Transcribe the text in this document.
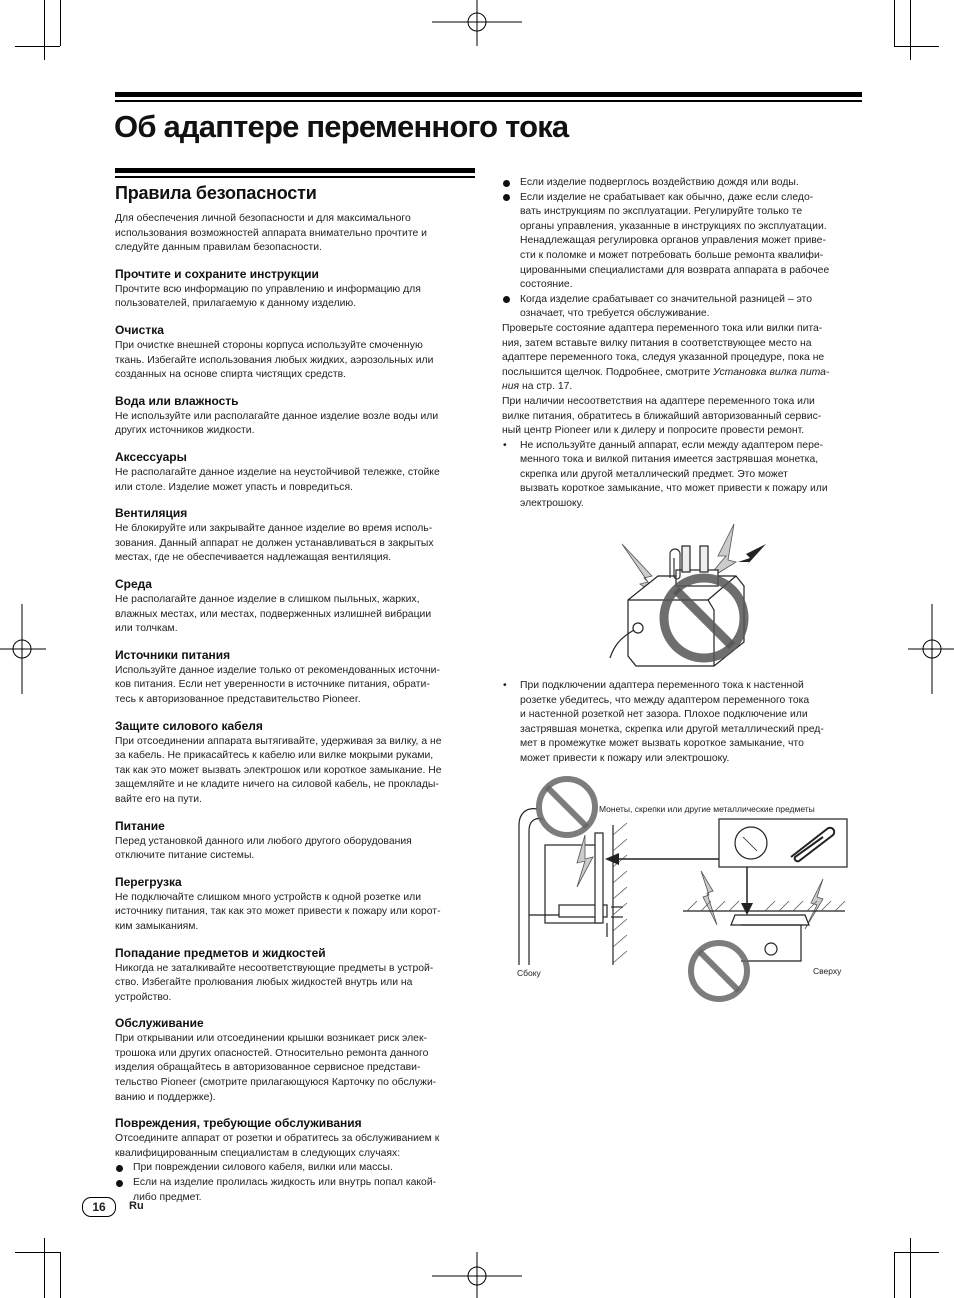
Об адаптере переменного тока
Правила безопасности

Для обеспечения личной безопасности и для максимального
использования возможностей аппарата внимательно прочтите и
следуйте данным правилам безопасности.

Прочтите и сохраните инструкции

Прочтите всю информацию по управлению и информацию для
пользователей, прилагаемую к данному изделию.

Очистка

При очистке внешней стороны корпуса используйте смоченную
ткань. Избегайте использования любых жидких, аэрозольных или
созданных на основе спирта чистящих средств.

Вода или влажность

Не используйте или располагайте данное изделие возле воды или
других источников жидкости.

Аксессуары

Не располагайте данное изделие на неустойчивой тележке, стойке
или столе. Изделие может упасть и повредиться.

Вентиляция

Не блокируйте или закрывайте данное изделие во время исполь-
зования. Данный аппарат не должен устанавливаться в закрытых
местах, где не обеспечивается надлежащая вентиляция.

Среда

Не располагайте данное изделие в слишком пыльных, жарких,
влажных местах, или местах, подверженных излишней вибрации
или толчкам.

Источники питания

Используйте данное изделие только от рекомендованных источни-
ков питания. Если нет уверенности в источнике питания, обрати-
тесь к авторизованное представительство Pioneer.

Защите силового кабеля

При отсоединении аппарата вытягивайте, удерживая за вилку, а не
за кабель. Не прикасайтесь к кабелю или вилке мокрыми руками,
так как это может вызвать электрошок или короткое замыкание. Не
защемляйте и не кладите ничего на силовой кабель, не проклады-
вайте его на пути.

Питание

Перед установкой данного или любого другого оборудования
отключите питание системы.

Перегрузка

Не подключайте слишком много устройств к одной розетке или
источнику питания, так как это может привести к пожару или корот-
ким замыканиям.

Попадание предметов и жидкостей

Никогда не заталкивайте несоответствующие предметы в устрой-
ство. Избегайте пролювания любых жидкостей внутрь или на
устройство.

Обслуживание

При открывании или отсоединении крышки возникает риск элек-
трошока или других опасностей. Относительно ремонта данного
изделия обращайтесь в авторизованное сервисное представи-
тельство Pioneer (смотрите прилагающуюся Карточку по обслужи-
ванию и поддержке).

Повреждения, требующие обслуживания

Отсоедините аппарат от розетки и обратитесь за обслуживанием к
квалифицированным специалистам в следующих случаях:

При повреждении силового кабеля, вилки или массы.
Если на изделие пролилась жидкость или внутрь попал какой-
либо предмет.
Если изделие подверглось воздействию дождя или воды.
Если изделие не срабатывает как обычно, даже если следо-
вать инструкциям по эксплуатации. Регулируйте только те
органы управления, указанные в инструкциях по эксплуатации.
Ненадлежащая регулировка органов управления может приве-
сти к поломке и может потребовать больше ремонта квалифи-
цированными специалистами для возврата аппарата в рабочее
состояние.
Когда изделие срабатывает со значительной разницей – это
означает, что требуется обслуживание.

Проверьте состояние адаптера переменного тока или вилки пита-
ния, затем вставьте вилку питания в соответствующее место на
адаптере переменного тока, следуя указанной процедуре, пока не
послышится щелчок. Подробнее, смотрите Установка вилка пита-
ния на стр. 17.

При наличии несоответствия на адаптере переменного тока или
вилке питания, обратитесь в ближайший авторизованный сервис-
ный центр Pioneer или к дилеру и попросите провести ремонт.

• Не используйте данный аппарат, если между адаптером пере-
менного тока и вилкой питания имеется застрявшая монетка,
скрепка или другой металлический предмет. Это может
вызвать короткое замыкание, что может привести к пожару или
электрошоку.
• При подключении адаптера переменного тока к настенной
розетке убедитесь, что между адаптером переменного тока
и настенной розеткой нет зазора. Плохое подключение или
застрявшая монетка, скрепка или другой металлический пред-
мет в промежутке может вызвать короткое замыкание, что
может привести к пожару или электрошоку.
Монеты, скрепки или другие металлические предметы
Сбоку	Сверху
16	Ru
